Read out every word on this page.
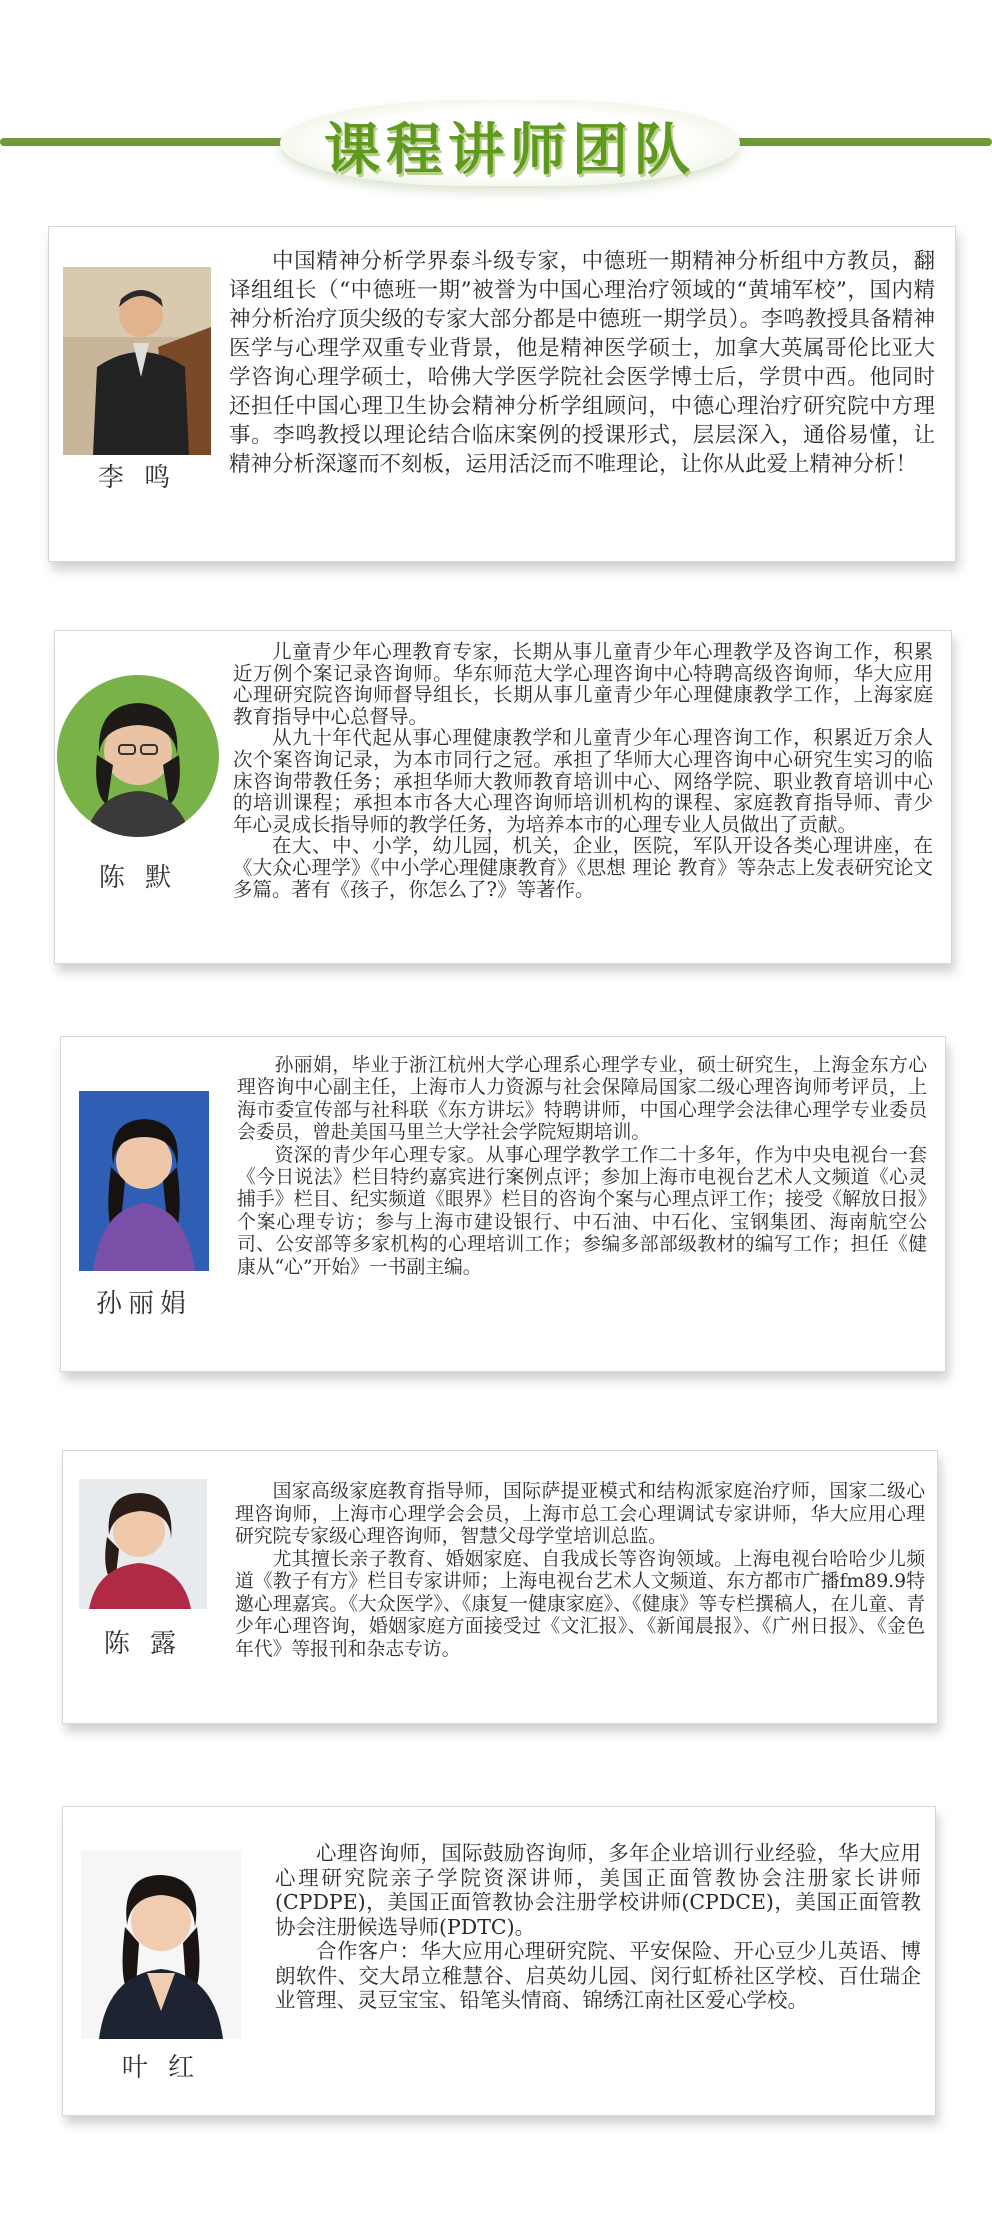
课程讲师团队
李 鸣

中国精神分析学界泰斗级专家，中德班一期精神分析组中方教员，翻译组组长（“中德班一期”被誉为中国心理治疗领域的“黄埔军校”，国内精神分析治疗顶尖级的专家大部分都是中德班一期学员）。李鸣教授具备精神医学与心理学双重专业背景，他是精神医学硕士，加拿大英属哥伦比亚大学咨询心理学硕士，哈佛大学医学院社会医学博士后，学贯中西。他同时还担任中国心理卫生协会精神分析学组顾问，中德心理治疗研究院中方理事。李鸣教授以理论结合临床案例的授课形式，层层深入，通俗易懂，让精神分析深邃而不刻板，运用活泛而不唯理论，让你从此爱上精神分析！

陈 默

儿童青少年心理教育专家，长期从事儿童青少年心理教学及咨询工作，积累近万例个案记录咨询师。华东师范大学心理咨询中心特聘高级咨询师，华大应用心理研究院咨询师督导组长，长期从事儿童青少年心理健康教学工作，上海家庭教育指导中心总督导。

从九十年代起从事心理健康教学和儿童青少年心理咨询工作，积累近万余人次个案咨询记录，为本市同行之冠。承担了华师大心理咨询中心研究生实习的临床咨询带教任务；承担华师大教师教育培训中心、网络学院、职业教育培训中心的培训课程；承担本市各大心理咨询师培训机构的课程、家庭教育指导师、青少年心灵成长指导师的教学任务，为培养本市的心理专业人员做出了贡献。

在大、中、小学，幼儿园，机关，企业，医院，军队开设各类心理讲座，在《大众心理学》《中小学心理健康教育》《思想 理论 教育》等杂志上发表研究论文多篇。著有《孩子，你怎么了?》等著作。

孙丽娟

孙丽娟，毕业于浙江杭州大学心理系心理学专业，硕士研究生，上海金东方心理咨询中心副主任，上海市人力资源与社会保障局国家二级心理咨询师考评员，上海市委宣传部与社科联《东方讲坛》特聘讲师，中国心理学会法律心理学专业委员会委员，曾赴美国马里兰大学社会学院短期培训。

资深的青少年心理专家。从事心理学教学工作二十多年，作为中央电视台一套《今日说法》栏目特约嘉宾进行案例点评；参加上海市电视台艺术人文频道《心灵捕手》栏目、纪实频道《眼界》栏目的咨询个案与心理点评工作；接受《解放日报》个案心理专访；参与上海市建设银行、中石油、中石化、宝钢集团、海南航空公司、公安部等多家机构的心理培训工作；参编多部部级教材的编写工作；担任《健康从“心”开始》一书副主编。

陈 露

国家高级家庭教育指导师，国际萨提亚模式和结构派家庭治疗师，国家二级心理咨询师，上海市心理学会会员，上海市总工会心理调试专家讲师，华大应用心理研究院专家级心理咨询师，智慧父母学堂培训总监。

尤其擅长亲子教育、婚姻家庭、自我成长等咨询领域。上海电视台哈哈少儿频道《教子有方》栏目专家讲师；上海电视台艺术人文频道、东方都市广播fm89.9特邀心理嘉宾。《大众医学》、《康复一健康家庭》、《健康》等专栏撰稿人，在儿童、青少年心理咨询，婚姻家庭方面接受过《文汇报》、《新闻晨报》、《广州日报》、《金色年代》等报刊和杂志专访。

叶 红

心理咨询师，国际鼓励咨询师，多年企业培训行业经验，华大应用心理研究院亲子学院资深讲师，美国正面管教协会注册家长讲师(CPDPE)，美国正面管教协会注册学校讲师(CPDCE)，美国正面管教协会注册候选导师(PDTC)。

合作客户：华大应用心理研究院、平安保险、开心豆少儿英语、博朗软件、交大昂立稚慧谷、启英幼儿园、闵行虹桥社区学校、百仕瑞企业管理、灵豆宝宝、铅笔头情商、锦绣江南社区爱心学校。
